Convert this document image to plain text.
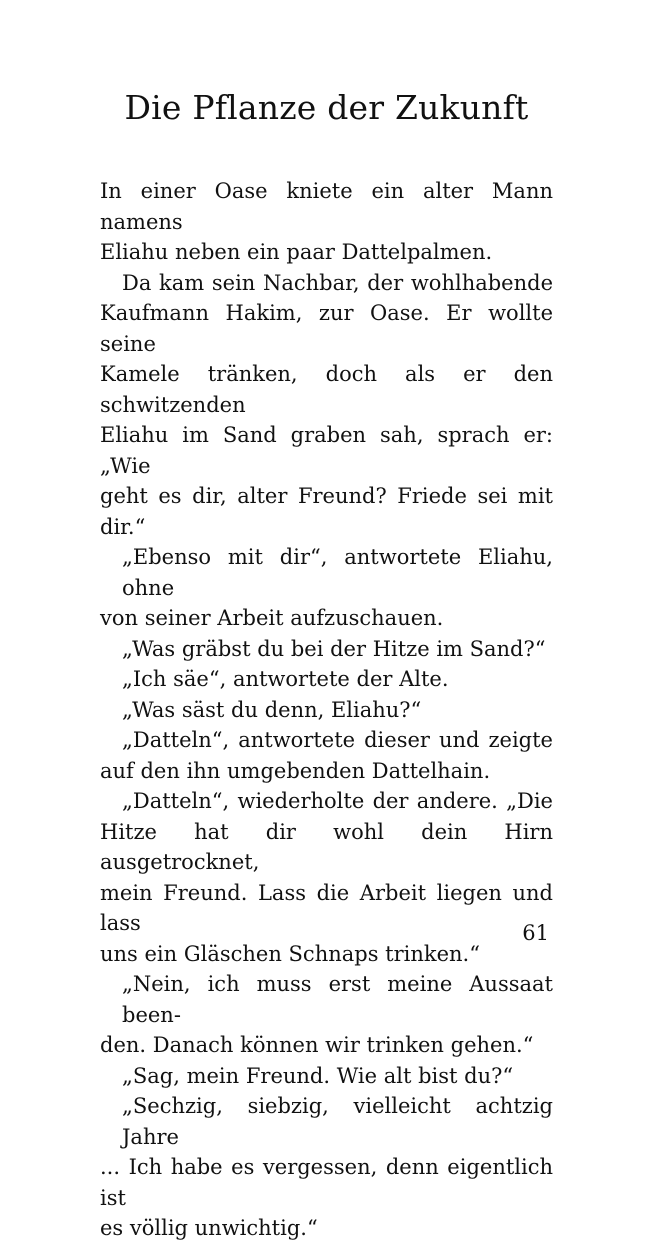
Die Pflanze der Zukunft
In einer Oase kniete ein alter Mann namens
Eliahu neben ein paar Dattelpalmen.
Da kam sein Nachbar, der wohlhabende
Kaufmann Hakim, zur Oase. Er wollte seine
Kamele tränken, doch als er den schwitzenden
Eliahu im Sand graben sah, sprach er: „Wie
geht es dir, alter Freund? Friede sei mit dir.“
„Ebenso mit dir“, antwortete Eliahu, ohne
von seiner Arbeit aufzuschauen.
„Was gräbst du bei der Hitze im Sand?“
„Ich säe“, antwortete der Alte.
„Was säst du denn, Eliahu?“
„Datteln“, antwortete dieser und zeigte
auf den ihn umgebenden Dattelhain.
„Datteln“, wiederholte der andere. „Die
Hitze hat dir wohl dein Hirn ausgetrocknet,
mein Freund. Lass die Arbeit liegen und lass
uns ein Gläschen Schnaps trinken.“
„Nein, ich muss erst meine Aussaat been-
den. Danach können wir trinken gehen.“
„Sag, mein Freund. Wie alt bist du?“
„Sechzig, siebzig, vielleicht achtzig Jahre
... Ich habe es vergessen, denn eigentlich ist
es völlig unwichtig.“
61
